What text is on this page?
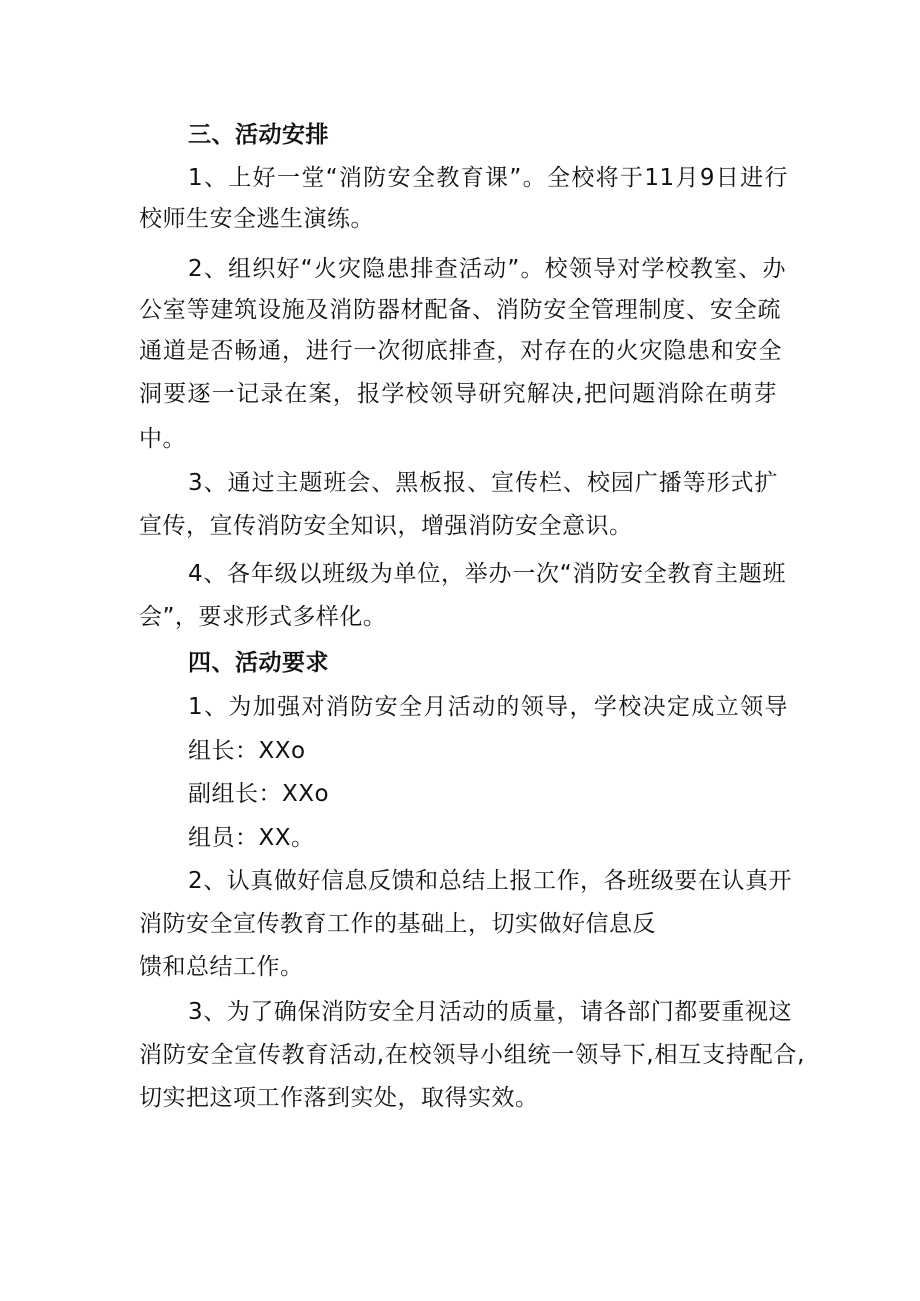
三、活动安排
1、上好一堂“消防安全教育课”。全校将于11月9日进行
校师生安全逃生演练。
2、组织好“火灾隐患排查活动”。校领导对学校教室、办
公室等建筑设施及消防器材配备、消防安全管理制度、安全疏
通道是否畅通，进行一次彻底排查，对存在的火灾隐患和安全
洞要逐一记录在案，报学校领导研究解决,把问题消除在萌芽
中。
3、通过主题班会、黑板报、宣传栏、校园广播等形式扩
宣传，宣传消防安全知识，增强消防安全意识。
4、各年级以班级为单位，举办一次“消防安全教育主题班
会”，要求形式多样化。
四、活动要求
1、为加强对消防安全月活动的领导，学校决定成立领导
组长：XXo
副组长：XXo
组员：XX。
2、认真做好信息反馈和总结上报工作，各班级要在认真开
消防安全宣传教育工作的基础上，切实做好信息反
馈和总结工作。
3、为了确保消防安全月活动的质量，请各部门都要重视这
消防安全宣传教育活动,在校领导小组统一领导下,相互支持配合,
切实把这项工作落到实处，取得实效。
